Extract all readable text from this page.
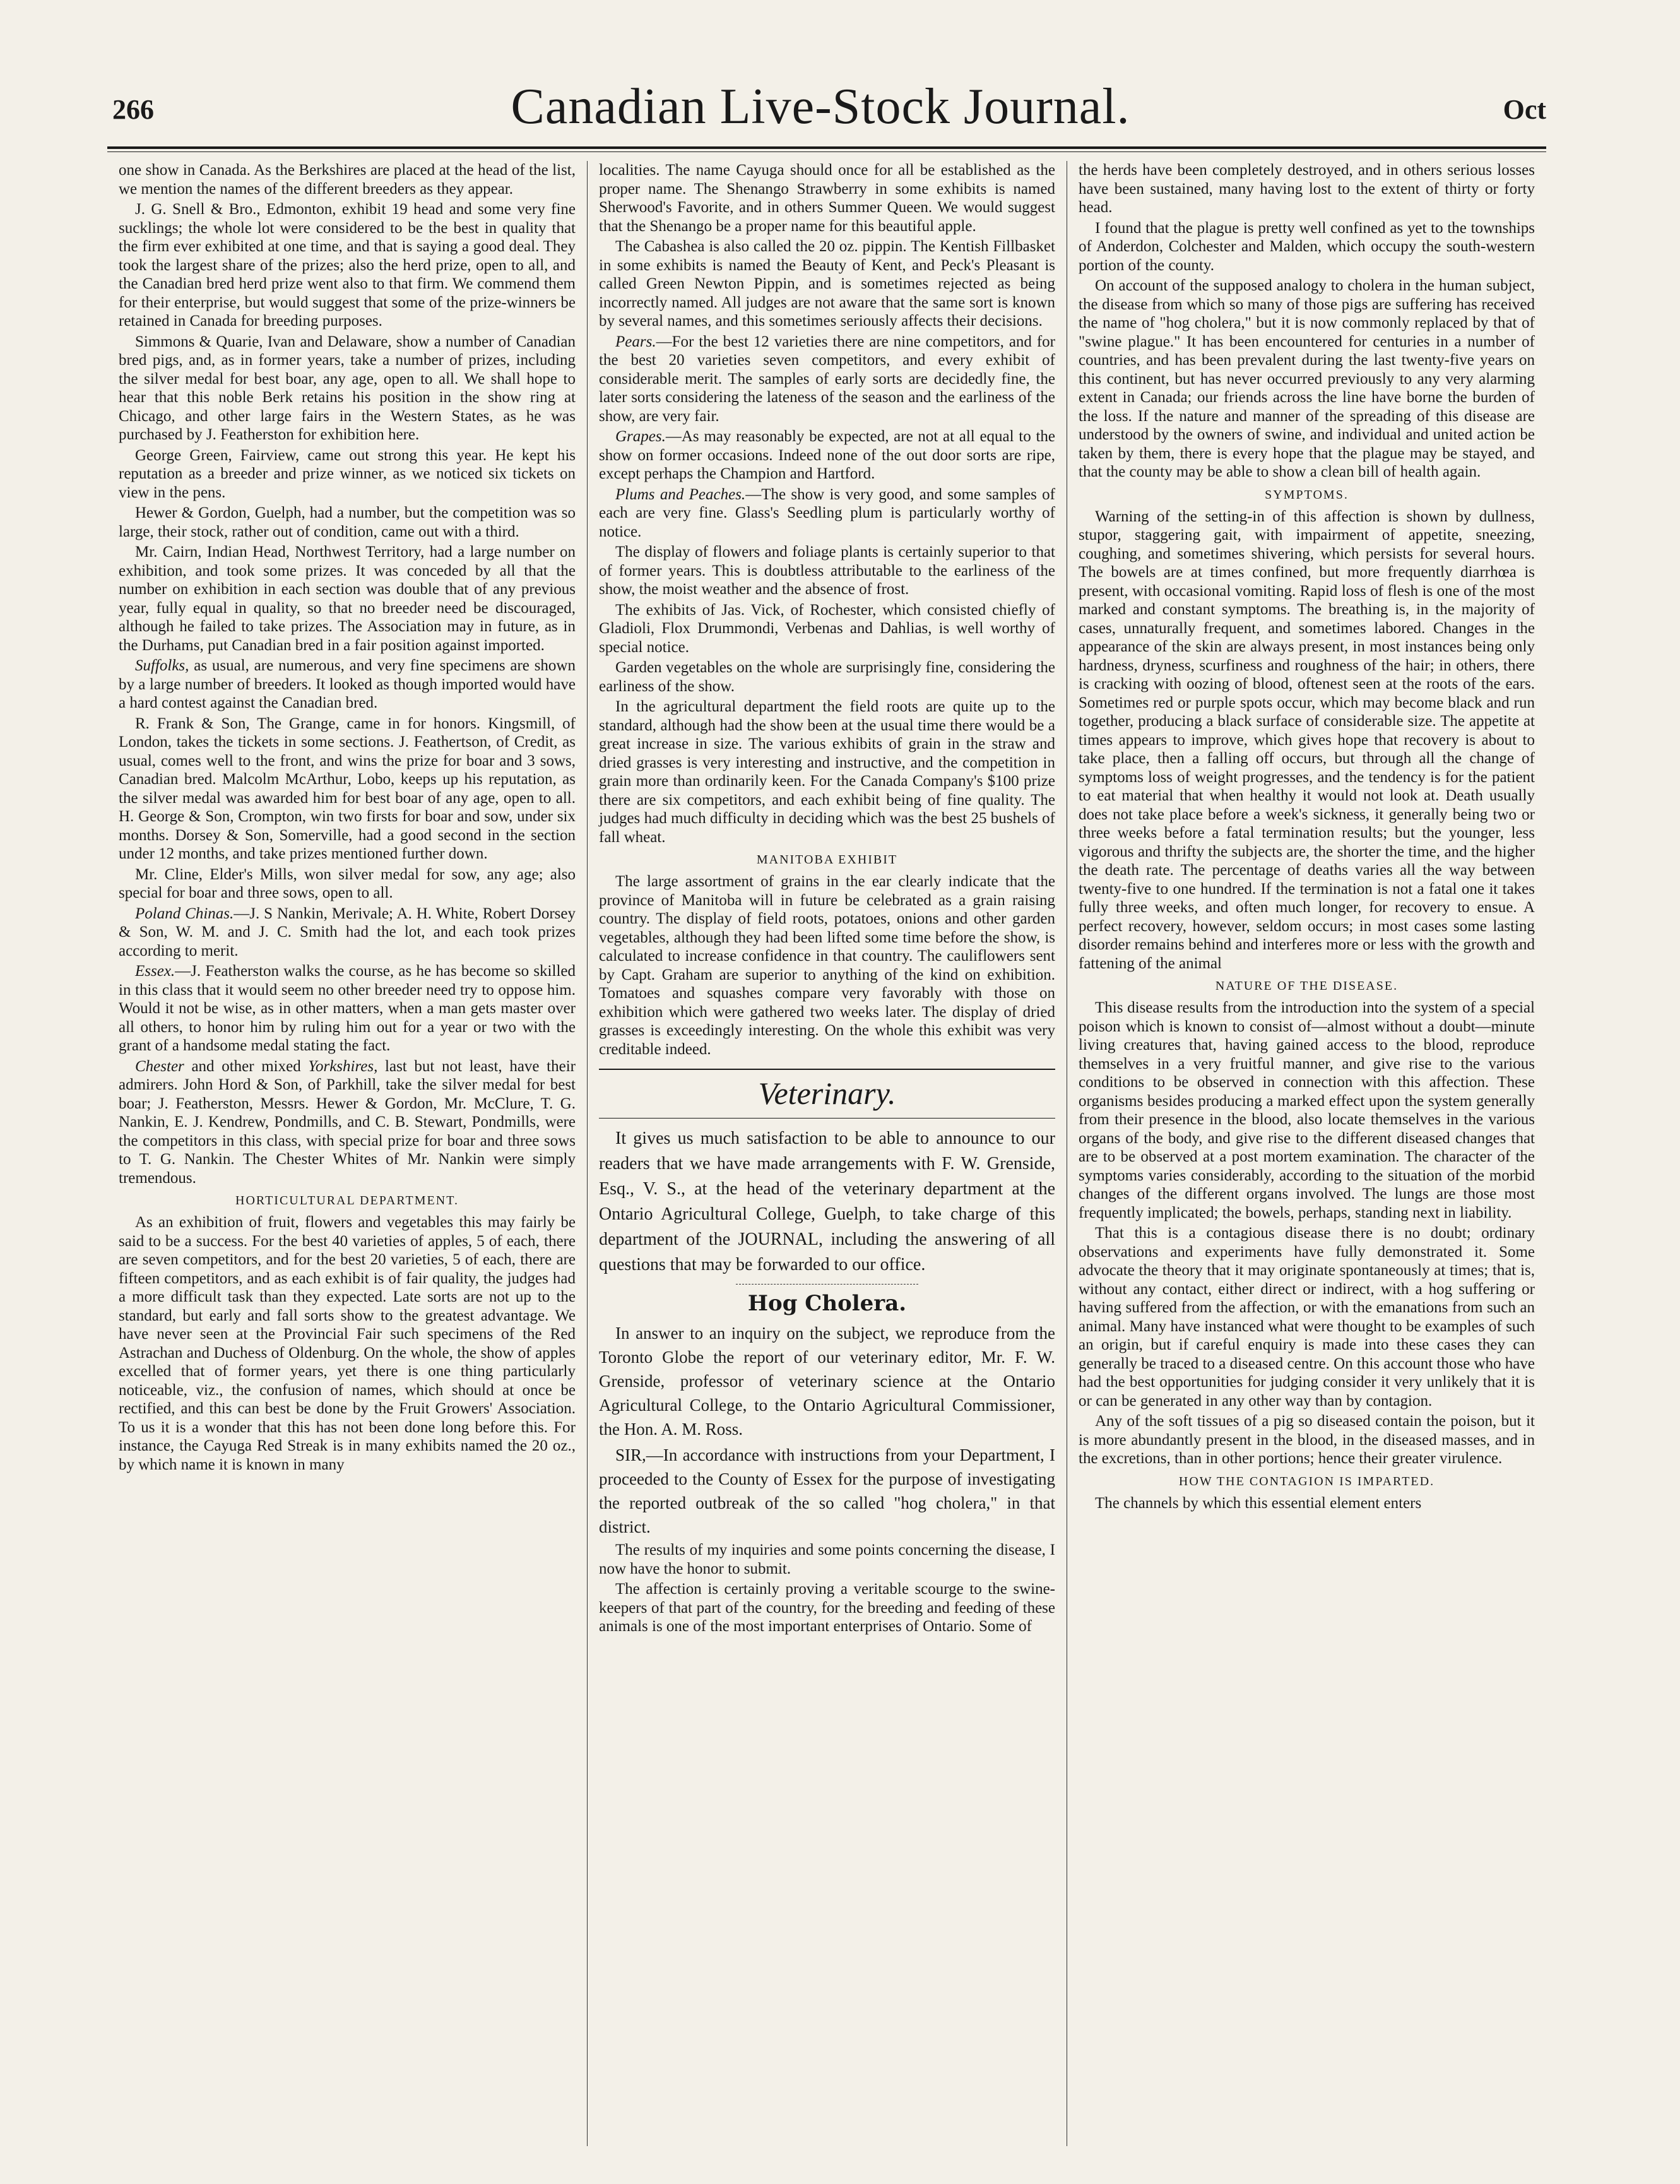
266	Canadian Live-Stock Journal.	Oct

one show in Canada. As the Berkshires are placed at the head of the list, we mention the names of the different breeders as they appear.

J. G. Snell & Bro., Edmonton, exhibit 19 head and some very fine sucklings; the whole lot were considered to be the best in quality that the firm ever exhibited at one time, and that is saying a good deal. They took the largest share of the prizes; also the herd prize, open to all, and the Canadian bred herd prize went also to that firm. We commend them for their enterprise, but would suggest that some of the prize-winners be retained in Canada for breeding purposes.

Simmons & Quarie, Ivan and Delaware, show a number of Canadian bred pigs, and, as in former years, take a number of prizes, including the silver medal for best boar, any age, open to all. We shall hope to hear that this noble Berk retains his position in the show ring at Chicago, and other large fairs in the Western States, as he was purchased by J. Featherston for exhibition here.

George Green, Fairview, came out strong this year. He kept his reputation as a breeder and prize winner, as we noticed six tickets on view in the pens.

Hewer & Gordon, Guelph, had a number, but the competition was so large, their stock, rather out of condition, came out with a third.

Mr. Cairn, Indian Head, Northwest Territory, had a large number on exhibition, and took some prizes. It was conceded by all that the number on exhibition in each section was double that of any previous year, fully equal in quality, so that no breeder need be discouraged, although he failed to take prizes. The Association may in future, as in the Durhams, put Canadian bred in a fair position against imported.

Suffolks, as usual, are numerous, and very fine specimens are shown by a large number of breeders. It looked as though imported would have a hard contest against the Canadian bred.

R. Frank & Son, The Grange, came in for honors. Kingsmill, of London, takes the tickets in some sections. J. Feathertson, of Credit, as usual, comes well to the front, and wins the prize for boar and 3 sows, Canadian bred. Malcolm McArthur, Lobo, keeps up his reputation, as the silver medal was awarded him for best boar of any age, open to all. H. George & Son, Crompton, win two firsts for boar and sow, under six months. Dorsey & Son, Somerville, had a good second in the section under 12 months, and take prizes mentioned further down.

Mr. Cline, Elder's Mills, won silver medal for sow, any age; also special for boar and three sows, open to all.

Poland Chinas.—J. S Nankin, Merivale; A. H. White, Robert Dorsey & Son, W. M. and J. C. Smith had the lot, and each took prizes according to merit.

Essex.—J. Featherston walks the course, as he has become so skilled in this class that it would seem no other breeder need try to oppose him. Would it not be wise, as in other matters, when a man gets master over all others, to honor him by ruling him out for a year or two with the grant of a handsome medal stating the fact.

Chester and other mixed Yorkshires, last but not least, have their admirers. John Hord & Son, of Parkhill, take the silver medal for best boar; J. Featherston, Messrs. Hewer & Gordon, Mr. McClure, T. G. Nankin, E. J. Kendrew, Pondmills, and C. B. Stewart, Pondmills, were the competitors in this class, with special prize for boar and three sows to T. G. Nankin. The Chester Whites of Mr. Nankin were simply tremendous.

HORTICULTURAL DEPARTMENT.

As an exhibition of fruit, flowers and vegetables this may fairly be said to be a success. For the best 40 varieties of apples, 5 of each, there are seven competitors, and for the best 20 varieties, 5 of each, there are fifteen competitors, and as each exhibit is of fair quality, the judges had a more difficult task than they expected. Late sorts are not up to the standard, but early and fall sorts show to the greatest advantage. We have never seen at the Provincial Fair such specimens of the Red Astrachan and Duchess of Oldenburg. On the whole, the show of apples excelled that of former years, yet there is one thing particularly noticeable, viz., the confusion of names, which should at once be rectified, and this can best be done by the Fruit Growers' Association. To us it is a wonder that this has not been done long before this. For instance, the Cayuga Red Streak is in many exhibits named the 20 oz., by which name it is known in many

localities. The name Cayuga should once for all be established as the proper name. The Shenango Strawberry in some exhibits is named Sherwood's Favorite, and in others Summer Queen. We would suggest that the Shenango be a proper name for this beautiful apple.

The Cabashea is also called the 20 oz. pippin. The Kentish Fillbasket in some exhibits is named the Beauty of Kent, and Peck's Pleasant is called Green Newton Pippin, and is sometimes rejected as being incorrectly named. All judges are not aware that the same sort is known by several names, and this sometimes seriously affects their decisions.

Pears.—For the best 12 varieties there are nine competitors, and for the best 20 varieties seven competitors, and every exhibit of considerable merit. The samples of early sorts are decidedly fine, the later sorts considering the lateness of the season and the earliness of the show, are very fair.

Grapes.—As may reasonably be expected, are not at all equal to the show on former occasions. Indeed none of the out door sorts are ripe, except perhaps the Champion and Hartford.

Plums and Peaches.—The show is very good, and some samples of each are very fine. Glass's Seedling plum is particularly worthy of notice.

The display of flowers and foliage plants is certainly superior to that of former years. This is doubtless attributable to the earliness of the show, the moist weather and the absence of frost.

The exhibits of Jas. Vick, of Rochester, which consisted chiefly of Gladioli, Flox Drummondi, Verbenas and Dahlias, is well worthy of special notice.

Garden vegetables on the whole are surprisingly fine, considering the earliness of the show.

In the agricultural department the field roots are quite up to the standard, although had the show been at the usual time there would be a great increase in size. The various exhibits of grain in the straw and dried grasses is very interesting and instructive, and the competition in grain more than ordinarily keen. For the Canada Company's $100 prize there are six competitors, and each exhibit being of fine quality. The judges had much difficulty in deciding which was the best 25 bushels of fall wheat.

MANITOBA EXHIBIT

The large assortment of grains in the ear clearly indicate that the province of Manitoba will in future be celebrated as a grain raising country. The display of field roots, potatoes, onions and other garden vegetables, although they had been lifted some time before the show, is calculated to increase confidence in that country. The cauliflowers sent by Capt. Graham are superior to anything of the kind on exhibition. Tomatoes and squashes compare very favorably with those on exhibition which were gathered two weeks later. The display of dried grasses is exceedingly interesting. On the whole this exhibit was very creditable indeed.

Veterinary.

It gives us much satisfaction to be able to announce to our readers that we have made arrangements with F. W. Grenside, Esq., V. S., at the head of the veterinary department at the Ontario Agricultural College, Guelph, to take charge of this department of the JOURNAL, including the answering of all questions that may be forwarded to our office.

Hog Cholera.

In answer to an inquiry on the subject, we reproduce from the Toronto Globe the report of our veterinary editor, Mr. F. W. Grenside, professor of veterinary science at the Ontario Agricultural College, to the Ontario Agricultural Commissioner, the Hon. A. M. Ross.

SIR,—In accordance with instructions from your Department, I proceeded to the County of Essex for the purpose of investigating the reported outbreak of the so called "hog cholera," in that district.

The results of my inquiries and some points concerning the disease, I now have the honor to submit.

The affection is certainly proving a veritable scourge to the swine-keepers of that part of the country, for the breeding and feeding of these animals is one of the most important enterprises of Ontario. Some of

the herds have been completely destroyed, and in others serious losses have been sustained, many having lost to the extent of thirty or forty head.

I found that the plague is pretty well confined as yet to the townships of Anderdon, Colchester and Malden, which occupy the south-western portion of the county.

On account of the supposed analogy to cholera in the human subject, the disease from which so many of those pigs are suffering has received the name of "hog cholera," but it is now commonly replaced by that of "swine plague." It has been encountered for centuries in a number of countries, and has been prevalent during the last twenty-five years on this continent, but has never occurred previously to any very alarming extent in Canada; our friends across the line have borne the burden of the loss. If the nature and manner of the spreading of this disease are understood by the owners of swine, and individual and united action be taken by them, there is every hope that the plague may be stayed, and that the county may be able to show a clean bill of health again.

SYMPTOMS.

Warning of the setting-in of this affection is shown by dullness, stupor, staggering gait, with impairment of appetite, sneezing, coughing, and sometimes shivering, which persists for several hours. The bowels are at times confined, but more frequently diarrhœa is present, with occasional vomiting. Rapid loss of flesh is one of the most marked and constant symptoms. The breathing is, in the majority of cases, unnaturally frequent, and sometimes labored. Changes in the appearance of the skin are always present, in most instances being only hardness, dryness, scurfiness and roughness of the hair; in others, there is cracking with oozing of blood, oftenest seen at the roots of the ears. Sometimes red or purple spots occur, which may become black and run together, producing a black surface of considerable size. The appetite at times appears to improve, which gives hope that recovery is about to take place, then a falling off occurs, but through all the change of symptoms loss of weight progresses, and the tendency is for the patient to eat material that when healthy it would not look at. Death usually does not take place before a week's sickness, it generally being two or three weeks before a fatal termination results; but the younger, less vigorous and thrifty the subjects are, the shorter the time, and the higher the death rate. The percentage of deaths varies all the way between twenty-five to one hundred. If the termination is not a fatal one it takes fully three weeks, and often much longer, for recovery to ensue. A perfect recovery, however, seldom occurs; in most cases some lasting disorder remains behind and interferes more or less with the growth and fattening of the animal

NATURE OF THE DISEASE.

This disease results from the introduction into the system of a special poison which is known to consist of—almost without a doubt—minute living creatures that, having gained access to the blood, reproduce themselves in a very fruitful manner, and give rise to the various conditions to be observed in connection with this affection. These organisms besides producing a marked effect upon the system generally from their presence in the blood, also locate themselves in the various organs of the body, and give rise to the different diseased changes that are to be observed at a post mortem examination. The character of the symptoms varies considerably, according to the situation of the morbid changes of the different organs involved. The lungs are those most frequently implicated; the bowels, perhaps, standing next in liability.

That this is a contagious disease there is no doubt; ordinary observations and experiments have fully demonstrated it. Some advocate the theory that it may originate spontaneously at times; that is, without any contact, either direct or indirect, with a hog suffering or having suffered from the affection, or with the emanations from such an animal. Many have instanced what were thought to be examples of such an origin, but if careful enquiry is made into these cases they can generally be traced to a diseased centre. On this account those who have had the best opportunities for judging consider it very unlikely that it is or can be generated in any other way than by contagion.

Any of the soft tissues of a pig so diseased contain the poison, but it is more abundantly present in the blood, in the diseased masses, and in the excretions, than in other portions; hence their greater virulence.

HOW THE CONTAGION IS IMPARTED.

The channels by which this essential element enters
